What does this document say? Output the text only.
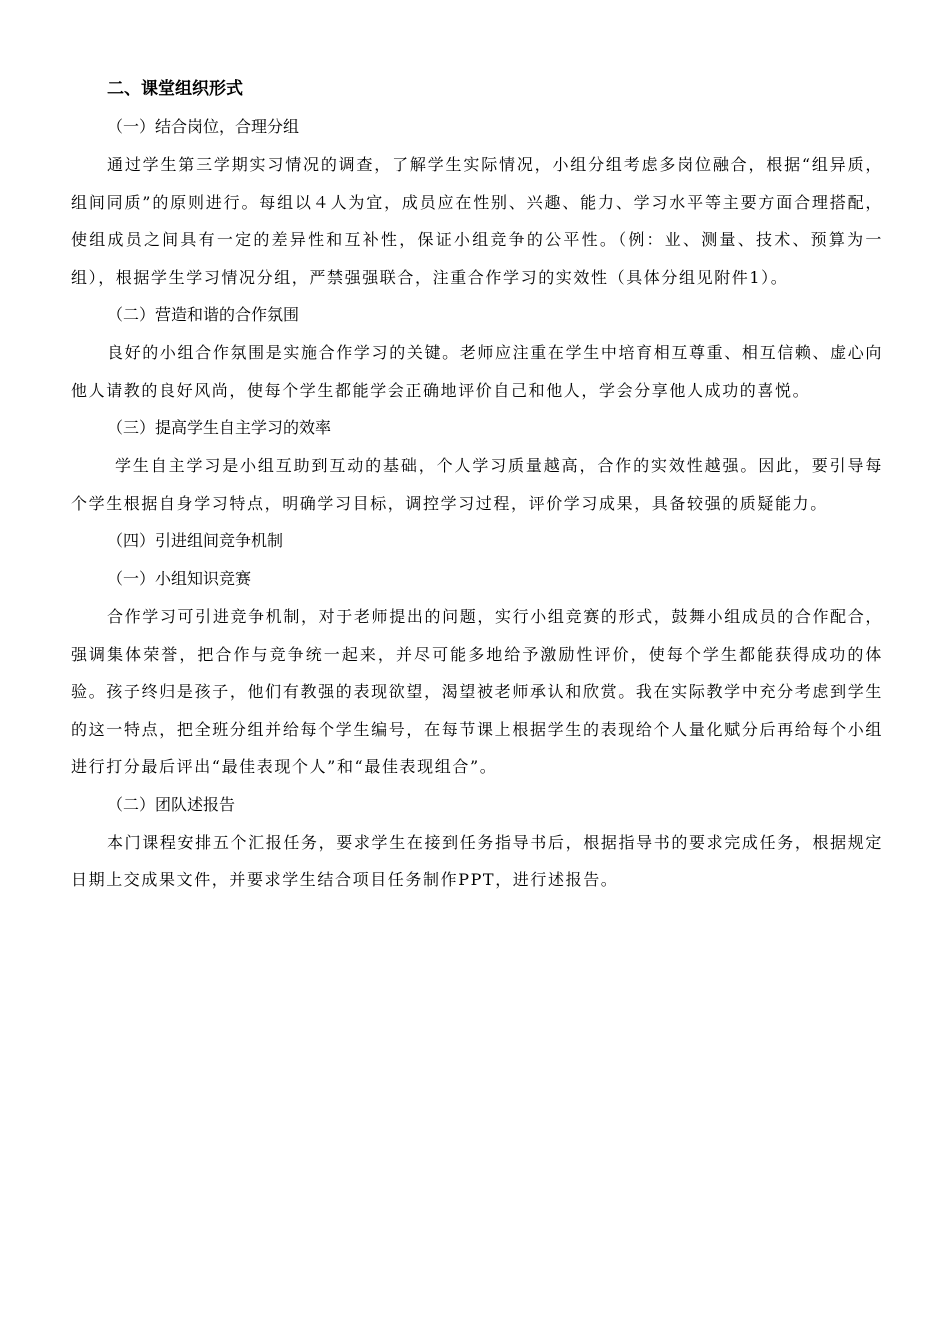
二、课堂组织形式

（一）结合岗位，合理分组

通过学生第三学期实习情况的调查，了解学生实际情况，小组分组考虑多岗位融合，根据“组异质，组间同质”的原则进行。每组以４人为宜，成员应在性别、兴趣、能力、学习水平等主要方面合理搭配，使组成员之间具有一定的差异性和互补性，保证小组竞争的公平性。（例：业、测量、技术、预算为一组），根据学生学习情况分组，严禁强强联合，注重合作学习的实效性（具体分组见附件1）。

（二）营造和谐的合作氛围

良好的小组合作氛围是实施合作学习的关键。老师应注重在学生中培育相互尊重、相互信赖、虚心向他人请教的良好风尚，使每个学生都能学会正确地评价自己和他人，学会分享他人成功的喜悦。

（三）提高学生自主学习的效率

学生自主学习是小组互助到互动的基础，个人学习质量越高，合作的实效性越强。因此，要引导每个学生根据自身学习特点，明确学习目标，调控学习过程，评价学习成果，具备较强的质疑能力。

（四）引进组间竞争机制

（一）小组知识竞赛

合作学习可引进竞争机制，对于老师提出的问题，实行小组竞赛的形式，鼓舞小组成员的合作配合，强调集体荣誉，把合作与竞争统一起来，并尽可能多地给予激励性评价，使每个学生都能获得成功的体验。孩子终归是孩子，他们有教强的表现欲望，渴望被老师承认和欣赏。我在实际教学中充分考虑到学生的这一特点，把全班分组并给每个学生编号，在每节课上根据学生的表现给个人量化赋分后再给每个小组进行打分最后评出“最佳表现个人”和“最佳表现组合”。

（二）团队述报告

本门课程安排五个汇报任务，要求学生在接到任务指导书后，根据指导书的要求完成任务，根据规定日期上交成果文件，并要求学生结合项目任务制作PPT，进行述报告。
